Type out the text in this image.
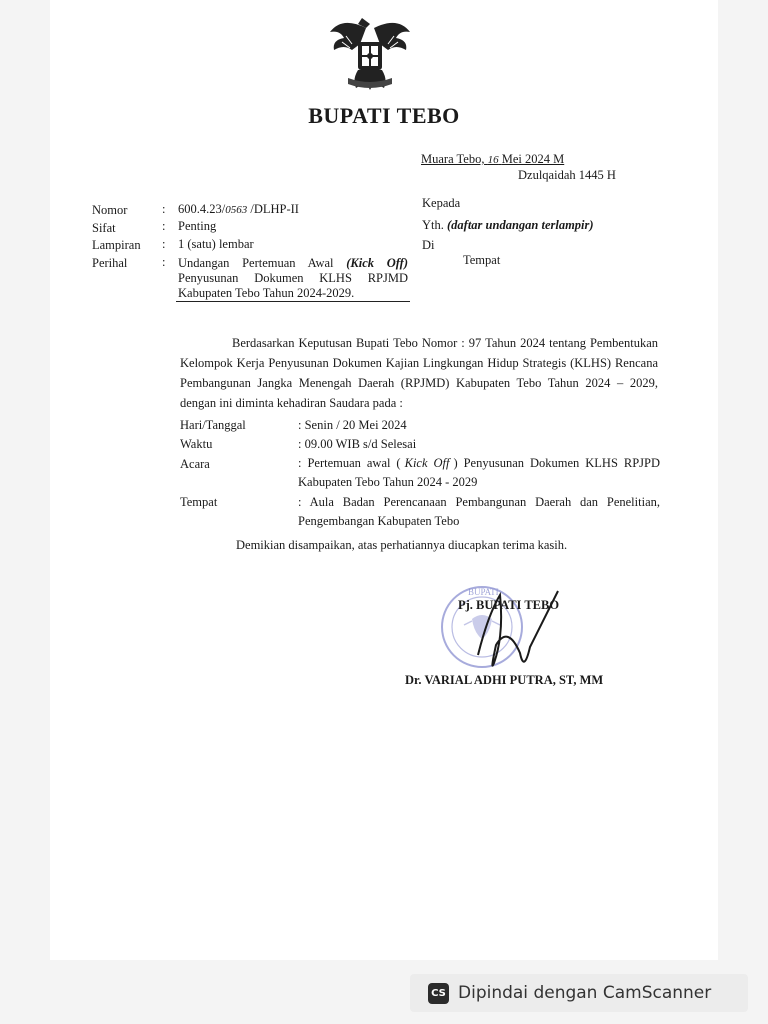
BUPATI TEBO
Muara Tebo, 16 Mei 2024 M
Dzulqaidah 1445 H
Nomor	: 600.4.23/0563 /DLHP-II
Sifat	: Penting
Lampiran : 1 (satu) lembar
Perihal	: Undangan Pertemuan Awal (Kick Off) Penyusunan Dokumen KLHS RPJMD Kabupaten Tebo Tahun 2024-2029.
Kepada
Yth. (daftar undangan terlampir)
Di
Tempat
Berdasarkan Keputusan Bupati Tebo Nomor : 97 Tahun 2024 tentang Pembentukan Kelompok Kerja Penyusunan Dokumen Kajian Lingkungan Hidup Strategis (KLHS) Rencana Pembangunan Jangka Menengah Daerah (RPJMD) Kabupaten Tebo Tahun 2024 – 2029, dengan ini diminta kehadiran Saudara pada :
Hari/Tanggal	: Senin / 20 Mei 2024
Waktu	: 09.00 WIB s/d Selesai
Acara	: Pertemuan awal ( Kick Off ) Penyusunan Dokumen KLHS RPJPD Kabupaten Tebo Tahun 2024 - 2029
Tempat	: Aula Badan Perencanaan Pembangunan Daerah dan Penelitian, Pengembangan Kabupaten Tebo
Demikian disampaikan, atas perhatiannya diucapkan terima kasih.
BUPATI
Pj. BUPATI TEBO
Dr. VARIAL ADHI PUTRA, ST, MM
CS Dipindai dengan CamScanner
